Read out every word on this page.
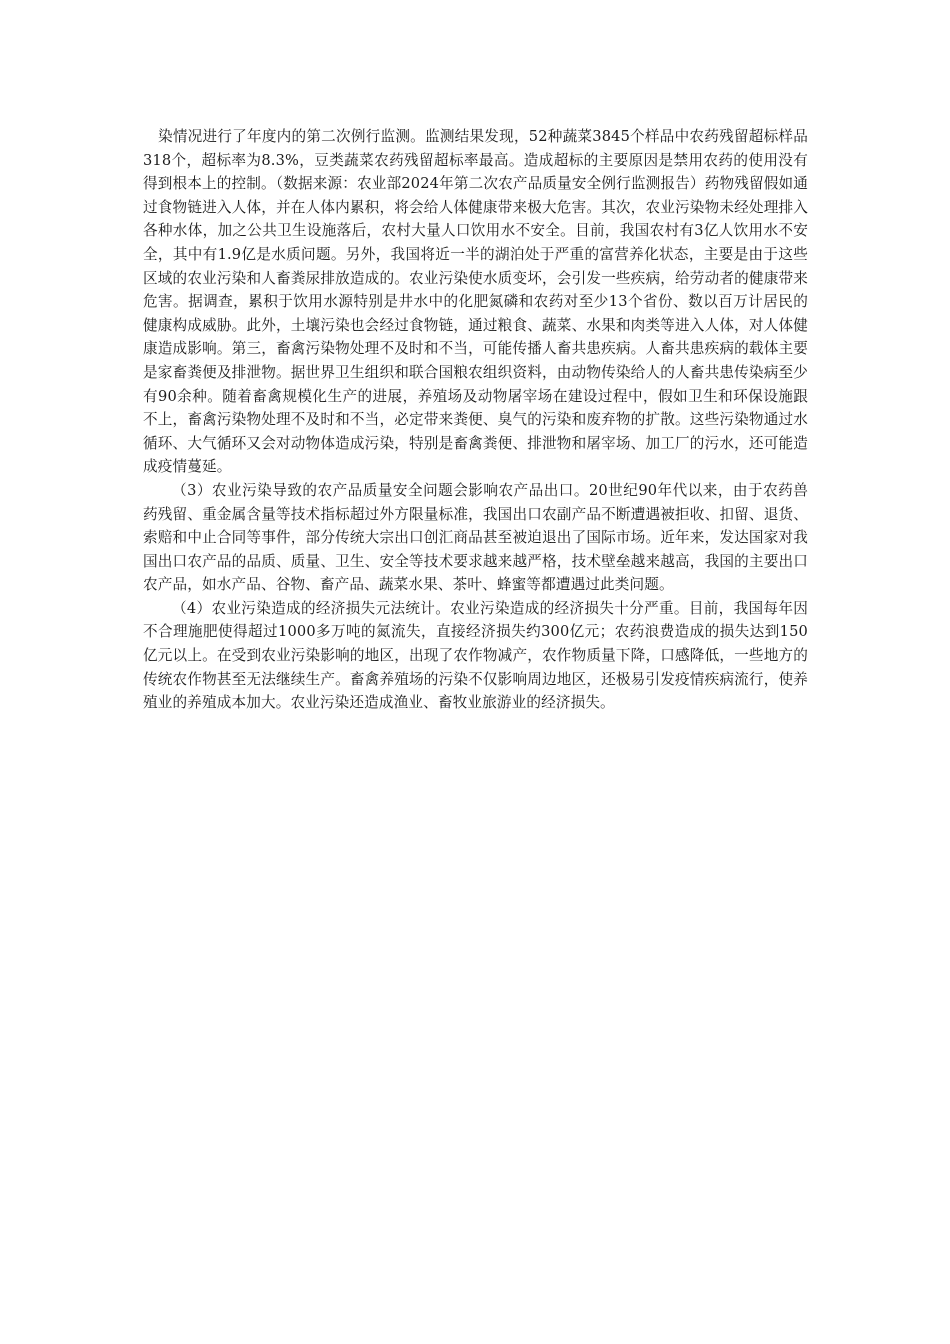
染情况进行了年度内的第二次例行监测。监测结果发现，52种蔬菜3845个样品中农药残留超标样品318个，超标率为8.3%，豆类蔬菜农药残留超标率最高。造成超标的主要原因是禁用农药的使用没有得到根本上的控制。（数据来源：农业部2024年第二次农产品质量安全例行监测报告）药物残留假如通过食物链进入人体，并在人体内累积，将会给人体健康带来极大危害。其次，农业污染物未经处理排入各种水体，加之公共卫生设施落后，农村大量人口饮用水不安全。目前，我国农村有3亿人饮用水不安全，其中有1.9亿是水质问题。另外，我国将近一半的湖泊处于严重的富营养化状态，主要是由于这些区域的农业污染和人畜粪尿排放造成的。农业污染使水质变坏，会引发一些疾病，给劳动者的健康带来危害。据调查，累积于饮用水源特别是井水中的化肥氮磷和农药对至少13个省份、数以百万计居民的健康构成威胁。此外，土壤污染也会经过食物链，通过粮食、蔬菜、水果和肉类等进入人体，对人体健康造成影响。第三，畜禽污染物处理不及时和不当，可能传播人畜共患疾病。人畜共患疾病的载体主要是家畜粪便及排泄物。据世界卫生组织和联合国粮农组织资料，由动物传染给人的人畜共患传染病至少有90余种。随着畜禽规模化生产的进展，养殖场及动物屠宰场在建设过程中，假如卫生和环保设施跟不上，畜禽污染物处理不及时和不当，必定带来粪便、臭气的污染和废弃物的扩散。这些污染物通过水循环、大气循环又会对动物体造成污染，特别是畜禽粪便、排泄物和屠宰场、加工厂的污水，还可能造成疫情蔓延。

（3）农业污染导致的农产品质量安全问题会影响农产品出口。20世纪90年代以来，由于农药兽药残留、重金属含量等技术指标超过外方限量标准，我国出口农副产品不断遭遇被拒收、扣留、退货、索赔和中止合同等事件，部分传统大宗出口创汇商品甚至被迫退出了国际市场。近年来，发达国家对我国出口农产品的品质、质量、卫生、安全等技术要求越来越严格，技术壁垒越来越高，我国的主要出口农产品，如水产品、谷物、畜产品、蔬菜水果、茶叶、蜂蜜等都遭遇过此类问题。

（4）农业污染造成的经济损失元法统计。农业污染造成的经济损失十分严重。目前，我国每年因不合理施肥使得超过1000多万吨的氮流失，直接经济损失约300亿元；农药浪费造成的损失达到150亿元以上。在受到农业污染影响的地区，出现了农作物减产，农作物质量下降，口感降低，一些地方的传统农作物甚至无法继续生产。畜禽养殖场的污染不仅影响周边地区，还极易引发疫情疾病流行，使养殖业的养殖成本加大。农业污染还造成渔业、畜牧业旅游业的经济损失。
